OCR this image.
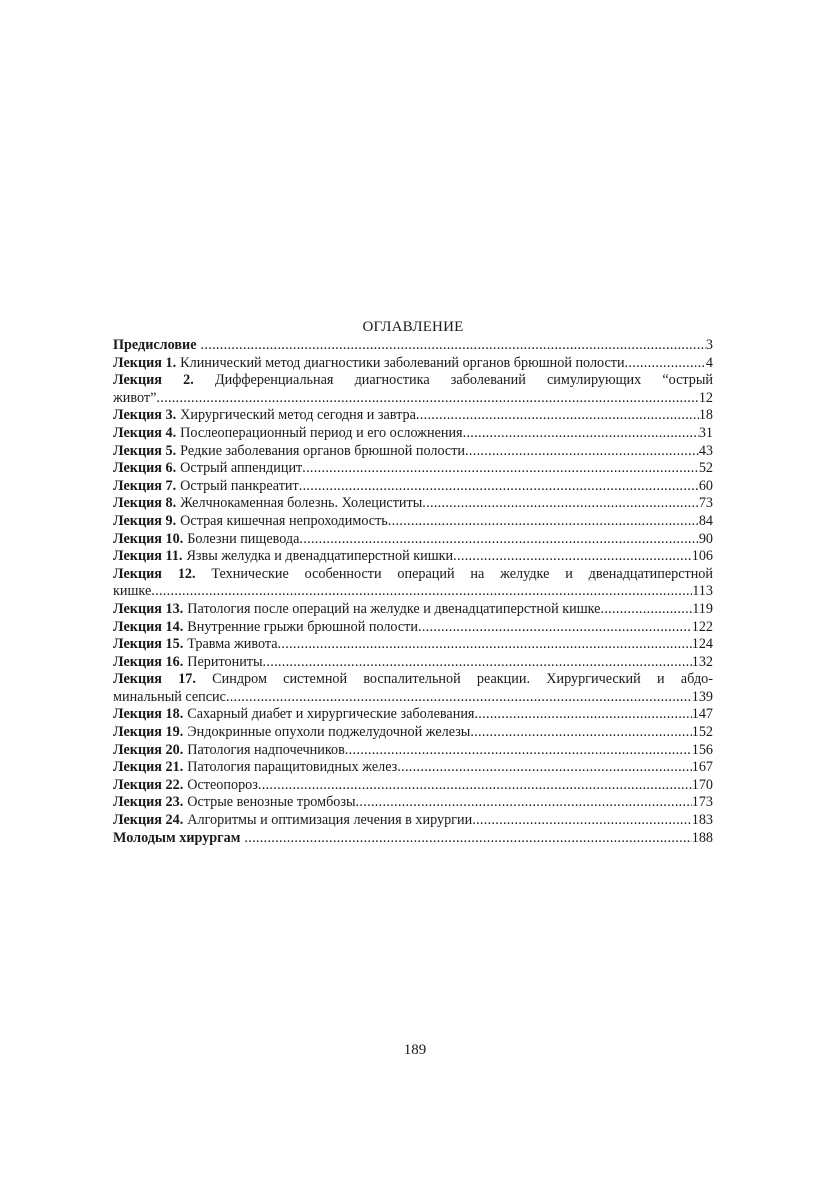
ОГЛАВЛЕНИЕ
Предисловие .....	3
Лекция 1. Клинический метод диагностики заболеваний органов брюшной полости .....	4
Лекция 2. Дифференциальная диагностика заболеваний симулирующих “острый
живот” .....	12
Лекция 3. Хирургический метод сегодня и завтра .....	18
Лекция 4. Послеоперационный период и его осложнения .....	31
Лекция 5. Редкие заболевания органов брюшной полости .....	43
Лекция 6. Острый аппендицит .....	52
Лекция 7. Острый панкреатит .....	60
Лекция 8. Желчнокаменная болезнь. Холециститы .....	73
Лекция 9. Острая кишечная непроходимость .....	84
Лекция 10. Болезни пищевода .....	90
Лекция 11. Язвы желудка и двенадцатиперстной кишки .....	106
Лекция 12. Технические особенности операций на желудке и двенадцатиперстной
кишке .....	113
Лекция 13. Патология после операций на желудке и двенадцатиперстной кишке .....	119
Лекция 14. Внутренние грыжи брюшной полости .....	122
Лекция 15. Травма живота .....	124
Лекция 16. Перитониты .....	132
Лекция 17. Синдром системной воспалительной реакции. Хирургический и абдо-
минальный сепсис .....	139
Лекция 18. Сахарный диабет и хирургические заболевания .....	147
Лекция 19. Эндокринные опухоли поджелудочной железы .....	152
Лекция 20. Патология надпочечников .....	156
Лекция 21. Патология паращитовидных желез .....	167
Лекция 22. Остеопороз .....	170
Лекция 23. Острые венозные тромбозы .....	173
Лекция 24. Алгоритмы и оптимизация лечения в хирургии .....	183
Молодым хирургам .....	188
189
